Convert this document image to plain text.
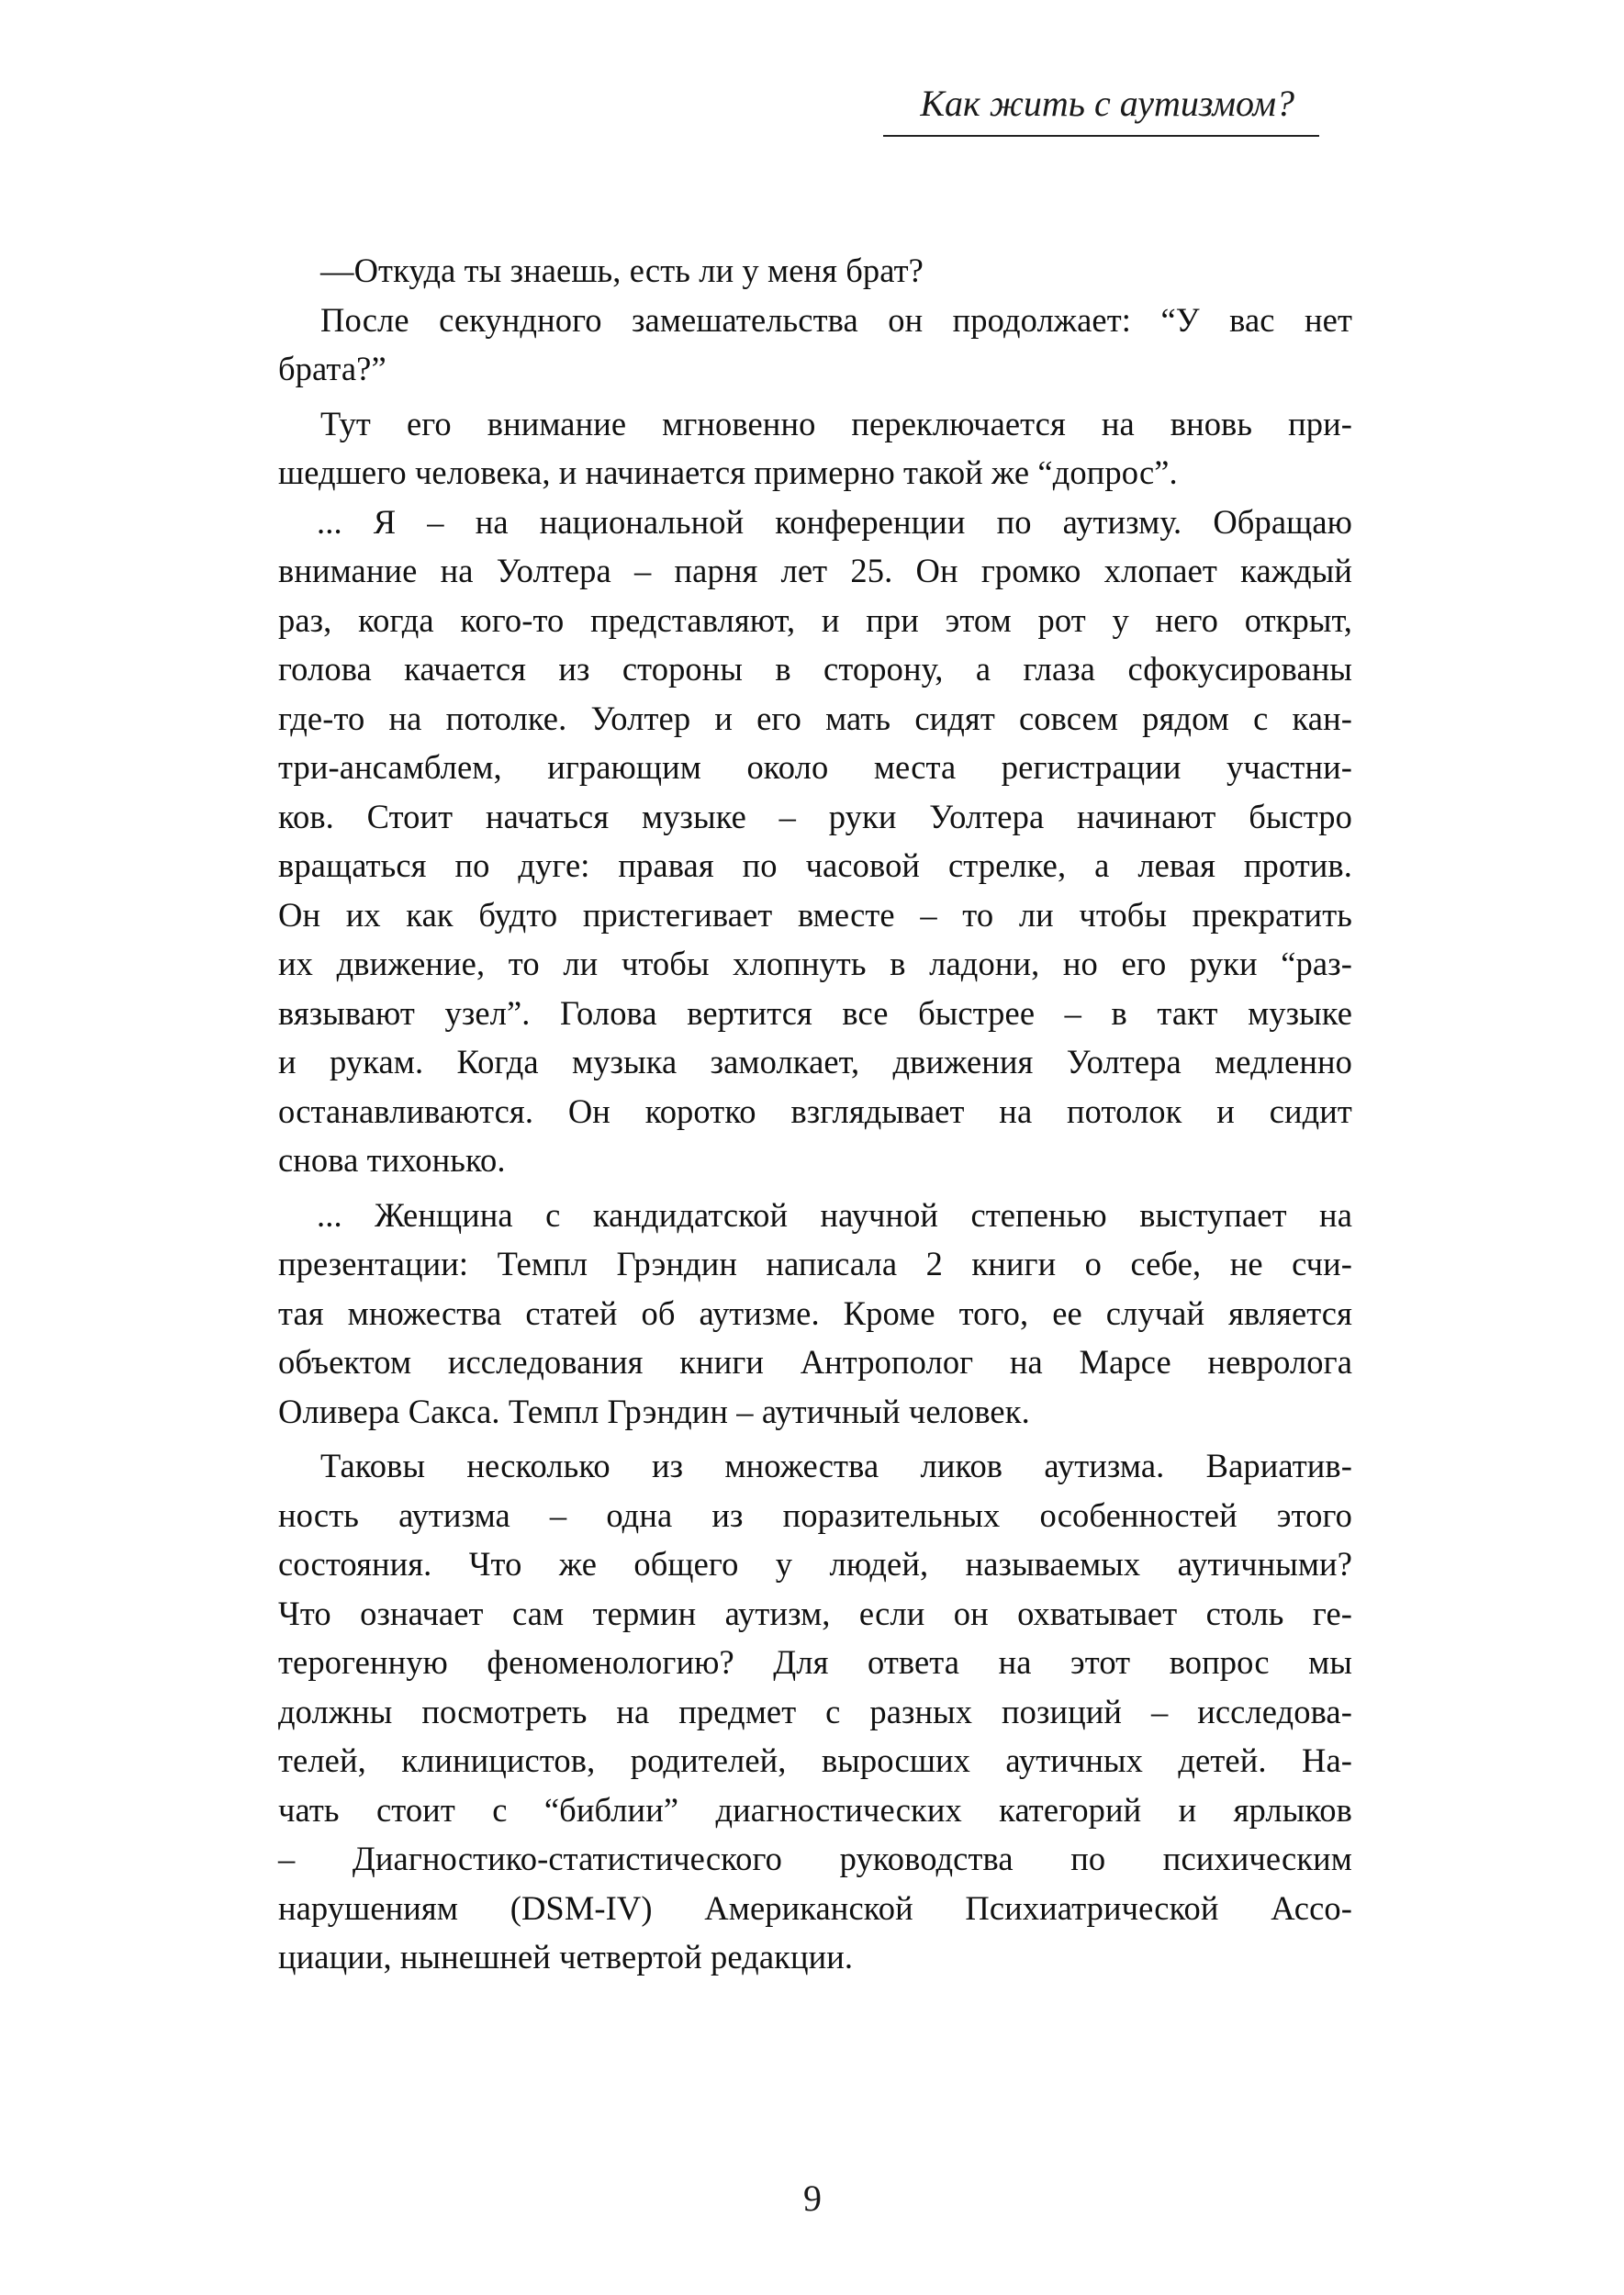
Как жить с аутизмом?
—Откуда ты знаешь, есть ли у меня брат?
После секундного замешательства он продолжает: “У вас нет
брата?”
Тут его внимание мгновенно переключается на вновь при-
шедшего человека, и начинается примерно такой же “допрос”.
... Я – на национальной конференции по аутизму. Обращаю
внимание на Уолтера – парня лет 25. Он громко хлопает каждый
раз, когда кого-то представляют, и при этом рот у него открыт,
голова качается из стороны в сторону, а глаза сфокусированы
где-то на потолке. Уолтер и его мать сидят совсем рядом с кан-
три-ансамблем, играющим около места регистрации участни-
ков. Стоит начаться музыке – руки Уолтера начинают быстро
вращаться по дуге: правая по часовой стрелке, а левая против.
Он их как будто пристегивает вместе – то ли чтобы прекратить
их движение, то ли чтобы хлопнуть в ладони, но его руки “раз-
вязывают узел”. Голова вертится все быстрее – в такт музыке
и рукам. Когда музыка замолкает, движения Уолтера медленно
останавливаются. Он коротко взглядывает на потолок и сидит
снова тихонько.
... Женщина с кандидатской научной степенью выступает на
презентации: Темпл Грэндин написала 2 книги о себе, не счи-
тая множества статей об аутизме. Кроме того, ее случай является
объектом исследования книги Антрополог на Марсе невролога
Оливера Сакса. Темпл Грэндин – аутичный человек.
Таковы несколько из множества ликов аутизма. Вариатив-
ность аутизма – одна из поразительных особенностей этого
состояния. Что же общего у людей, называемых аутичными?
Что означает сам термин аутизм, если он охватывает столь ге-
терогенную феноменологию? Для ответа на этот вопрос мы
должны посмотреть на предмет с разных позиций – исследова-
телей, клиницистов, родителей, выросших аутичных детей. На-
чать стоит с “библии” диагностических категорий и ярлыков
– Диагностико-статистического руководства по психическим
нарушениям (DSM-IV) Американской Психиатрической Ассо-
циации, нынешней четвертой редакции.
9
